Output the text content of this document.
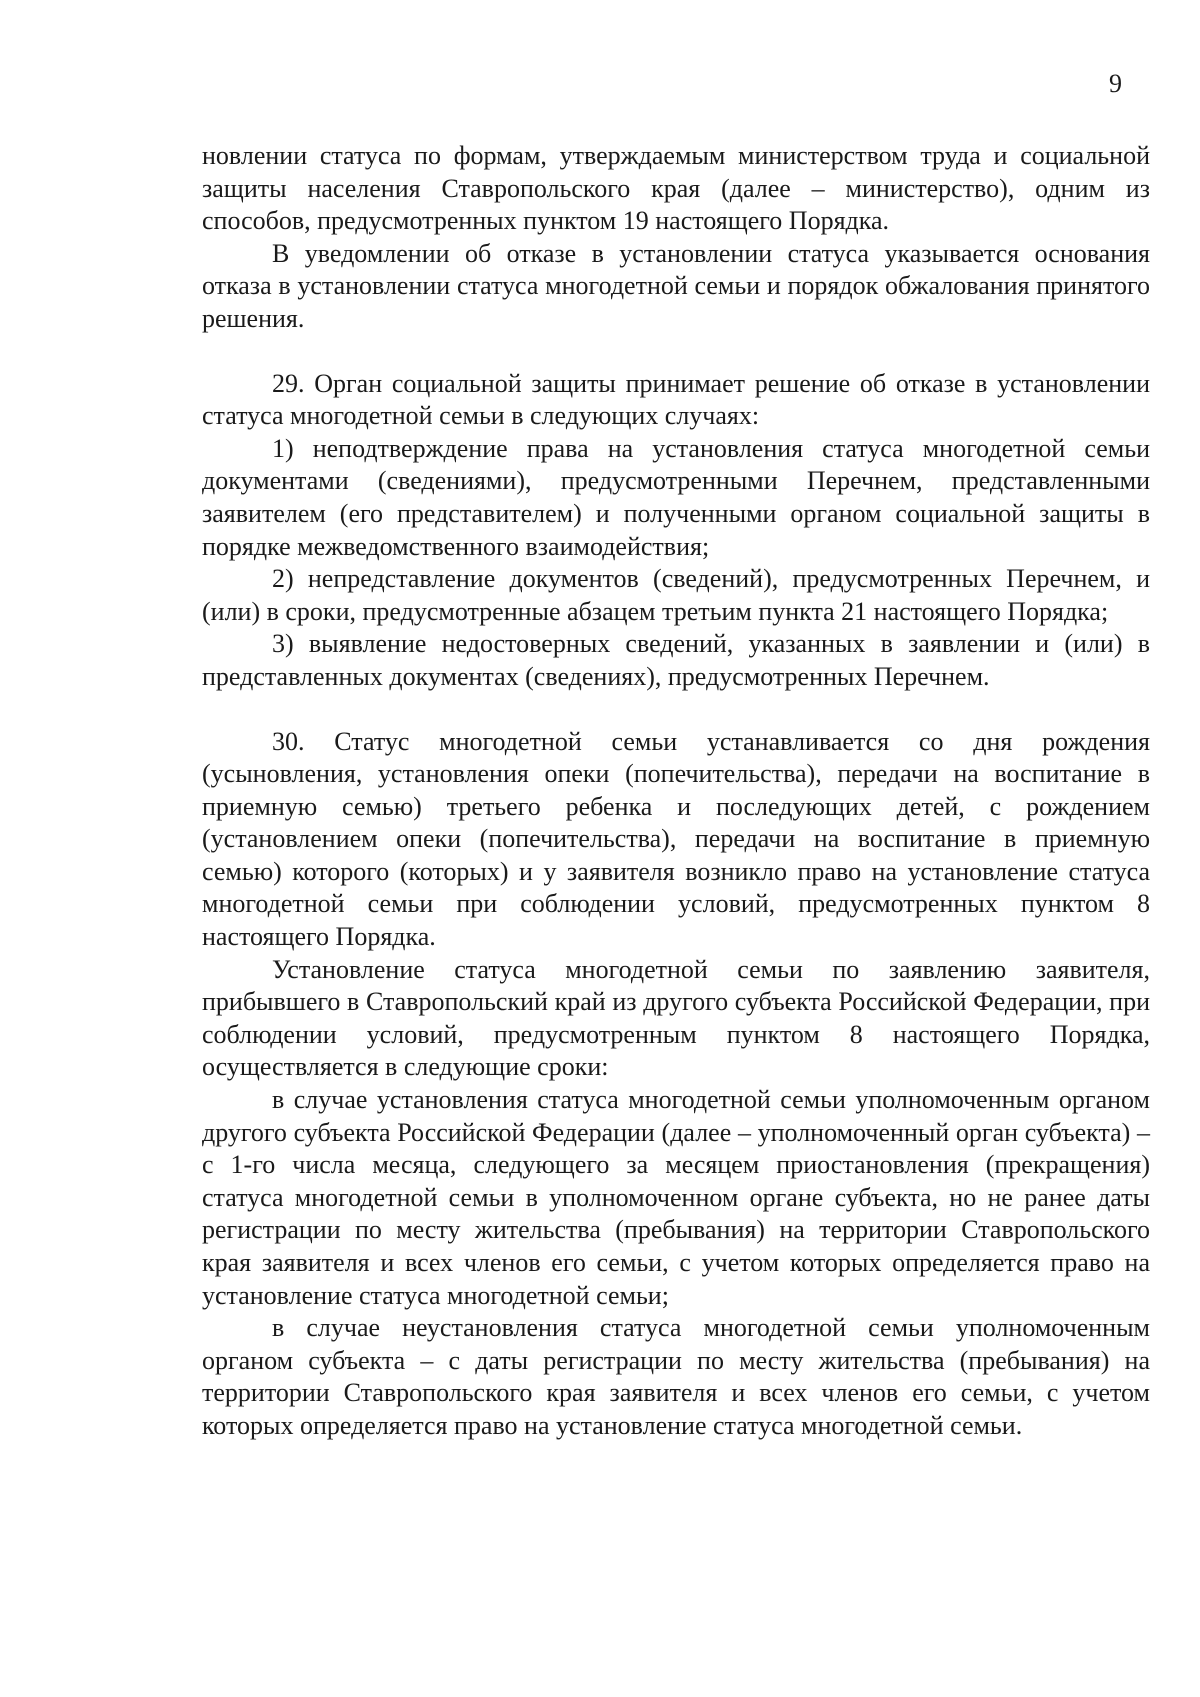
9

новлении статуса по формам, утверждаемым министерством труда и социальной защиты населения Ставропольского края (далее – министерство), одним из способов, предусмотренных пунктом 19 настоящего Порядка.

В уведомлении об отказе в установлении статуса указывается основания отказа в установлении статуса многодетной семьи и порядок обжалования принятого решения.

29. Орган социальной защиты принимает решение об отказе в установлении статуса многодетной семьи в следующих случаях:

1) неподтверждение права на установления статуса многодетной семьи документами (сведениями), предусмотренными Перечнем, представленными заявителем (его представителем) и полученными органом социальной защиты в порядке межведомственного взаимодействия;

2) непредставление документов (сведений), предусмотренных Перечнем, и (или) в сроки, предусмотренные абзацем третьим пункта 21 настоящего Порядка;

3) выявление недостоверных сведений, указанных в заявлении и (или) в представленных документах (сведениях), предусмотренных Перечнем.

30. Статус многодетной семьи устанавливается со дня рождения (усыновления, установления опеки (попечительства), передачи на воспитание в приемную семью) третьего ребенка и последующих детей, с рождением (установлением опеки (попечительства), передачи на воспитание в приемную семью) которого (которых) и у заявителя возникло право на установление статуса многодетной семьи при соблюдении условий, предусмотренных пунктом 8 настоящего Порядка.

Установление статуса многодетной семьи по заявлению заявителя, прибывшего в Ставропольский край из другого субъекта Российской Федерации, при соблюдении условий, предусмотренным пунктом 8 настоящего Порядка, осуществляется в следующие сроки:

в случае установления статуса многодетной семьи уполномоченным органом другого субъекта Российской Федерации (далее – уполномоченный орган субъекта) – с 1-го числа месяца, следующего за месяцем приостановления (прекращения) статуса многодетной семьи в уполномоченном органе субъекта, но не ранее даты регистрации по месту жительства (пребывания) на территории Ставропольского края заявителя и всех членов его семьи, с учетом которых определяется право на установление статуса многодетной семьи;

в случае неустановления статуса многодетной семьи уполномоченным органом субъекта – с даты регистрации по месту жительства (пребывания) на территории Ставропольского края заявителя и всех членов его семьи, с учетом которых определяется право на установление статуса многодетной семьи.
